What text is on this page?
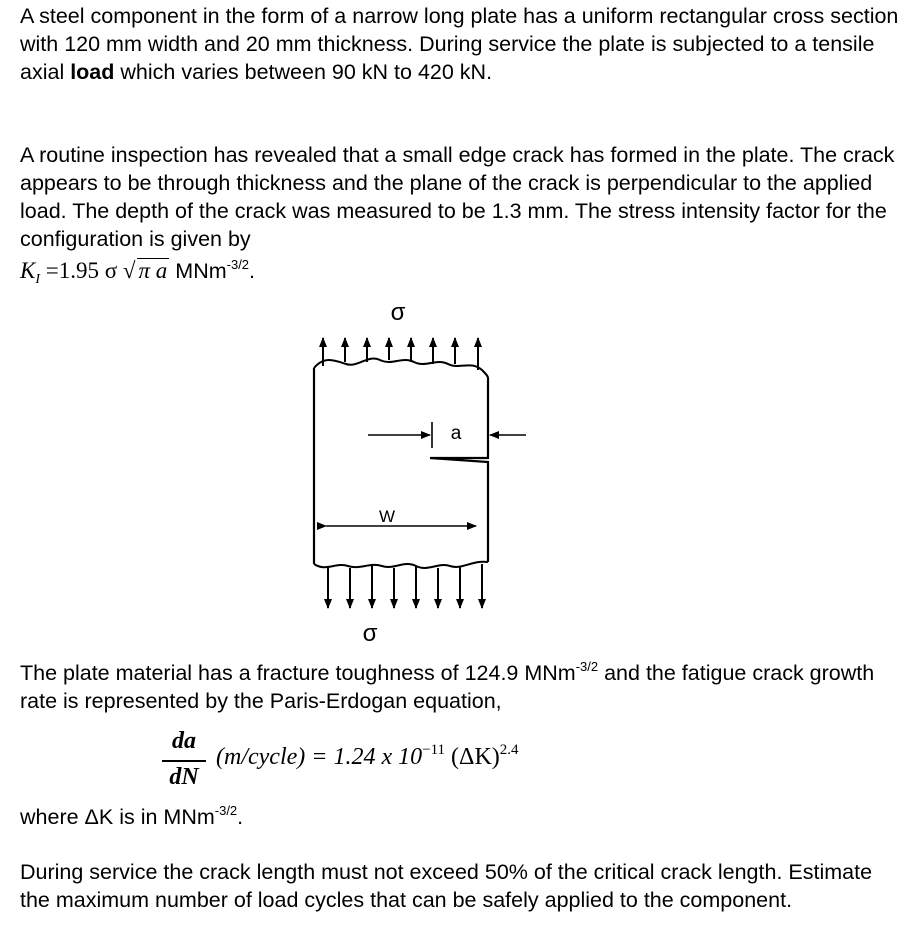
A steel component in the form of a narrow long plate has a uniform rectangular cross section with 120 mm width and 20 mm thickness. During service the plate is subjected to a tensile axial load which varies between 90 kN to 420 kN.

A routine inspection has revealed that a small edge crack has formed in the plate. The crack appears to be through thickness and the plane of the crack is perpendicular to the applied load. The depth of the crack was measured to be 1.3 mm. The stress intensity factor for the configuration is given by

$K_I =1.95$ σ √ π a MNm$^{-3/2}$.
σ
σ
a
W

The plate material has a fracture toughness of 124.9 MNm$^{-3/2}$ and the fatigue crack growth rate is represented by the Paris-Erdogan equation,

da
dN
(m/cycle) = 1.24 x $10^{-11}$ $(\Delta K)^{2.4}$
where ΔK is in MNm$^{-3/2}$.

During service the crack length must not exceed 50% of the critical crack length. Estimate the maximum number of load cycles that can be safely applied to the component.
